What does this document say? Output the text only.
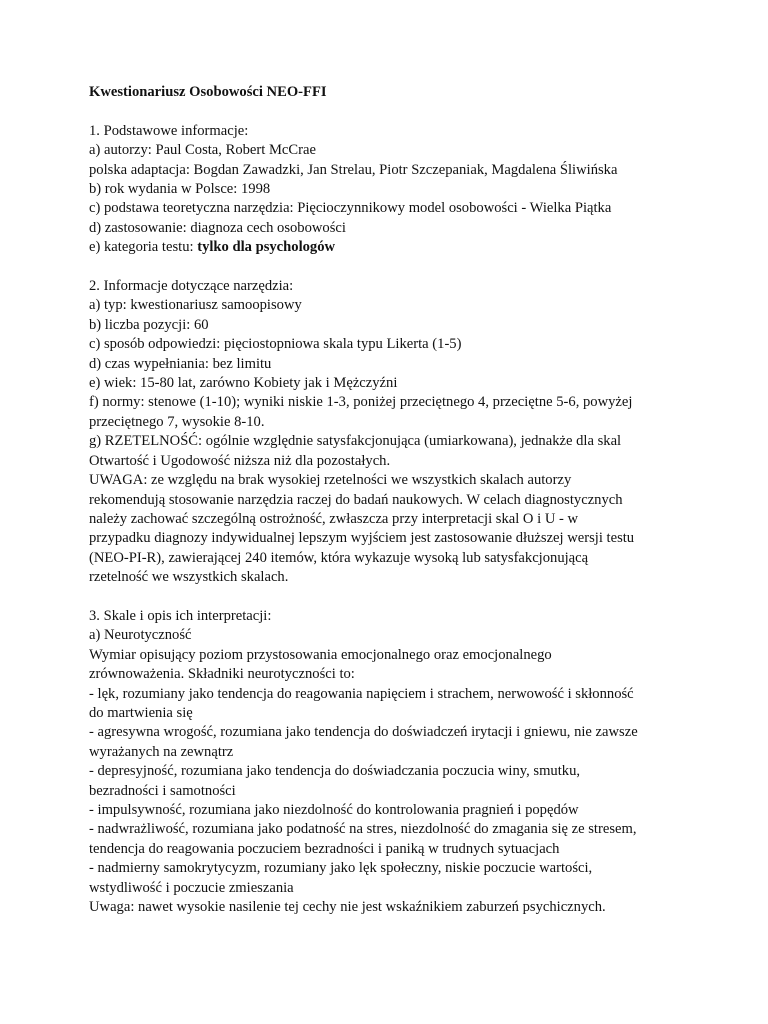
Kwestionariusz Osobowości NEO-FFI
1. Podstawowe informacje:
a) autorzy: Paul Costa, Robert McCrae
polska adaptacja: Bogdan Zawadzki, Jan Strelau, Piotr Szczepaniak, Magdalena Śliwińska
b) rok wydania w Polsce: 1998
c) podstawa teoretyczna narzędzia: Pięcioczynnikowy model osobowości - Wielka Piątka
d) zastosowanie: diagnoza cech osobowości
e) kategoria testu: tylko dla psychologów
2. Informacje dotyczące narzędzia:
a) typ: kwestionariusz samoopisowy
b) liczba pozycji: 60
c) sposób odpowiedzi: pięciostopniowa skala typu Likerta (1-5)
d) czas wypełniania: bez limitu
e) wiek: 15-80 lat, zarówno Kobiety jak i Mężczyźni
f) normy: stenowe (1-10); wyniki niskie 1-3, poniżej przeciętnego 4, przeciętne 5-6, powyżej
przeciętnego 7, wysokie 8-10.
g) RZETELNOŚĆ: ogólnie względnie satysfakcjonująca (umiarkowana), jednakże dla skal
Otwartość i Ugodowość niższa niż dla pozostałych.
UWAGA: ze względu na brak wysokiej rzetelności we wszystkich skalach autorzy
rekomendują stosowanie narzędzia raczej do badań naukowych. W celach diagnostycznych
należy zachować szczególną ostrożność, zwłaszcza przy interpretacji skal O i U - w
przypadku diagnozy indywidualnej lepszym wyjściem jest zastosowanie dłuższej wersji testu
(NEO-PI-R), zawierającej 240 itemów, która wykazuje wysoką lub satysfakcjonującą
rzetelność we wszystkich skalach.
3. Skale i opis ich interpretacji:
a) Neurotyczność
Wymiar opisujący poziom przystosowania emocjonalnego oraz emocjonalnego
zrównoważenia. Składniki neurotyczności to:
- lęk, rozumiany jako tendencja do reagowania napięciem i strachem, nerwowość i skłonność
do martwienia się
- agresywna wrogość, rozumiana jako tendencja do doświadczeń irytacji i gniewu, nie zawsze
wyrażanych na zewnątrz
- depresyjność, rozumiana jako tendencja do doświadczania poczucia winy, smutku,
bezradności i samotności
- impulsywność, rozumiana jako niezdolność do kontrolowania pragnień i popędów
- nadwrażliwość, rozumiana jako podatność na stres, niezdolność do zmagania się ze stresem,
tendencja do reagowania poczuciem bezradności i paniką w trudnych sytuacjach
- nadmierny samokrytycyzm, rozumiany jako lęk społeczny, niskie poczucie wartości,
wstydliwość i poczucie zmieszania
Uwaga: nawet wysokie nasilenie tej cechy nie jest wskaźnikiem zaburzeń psychicznych.
